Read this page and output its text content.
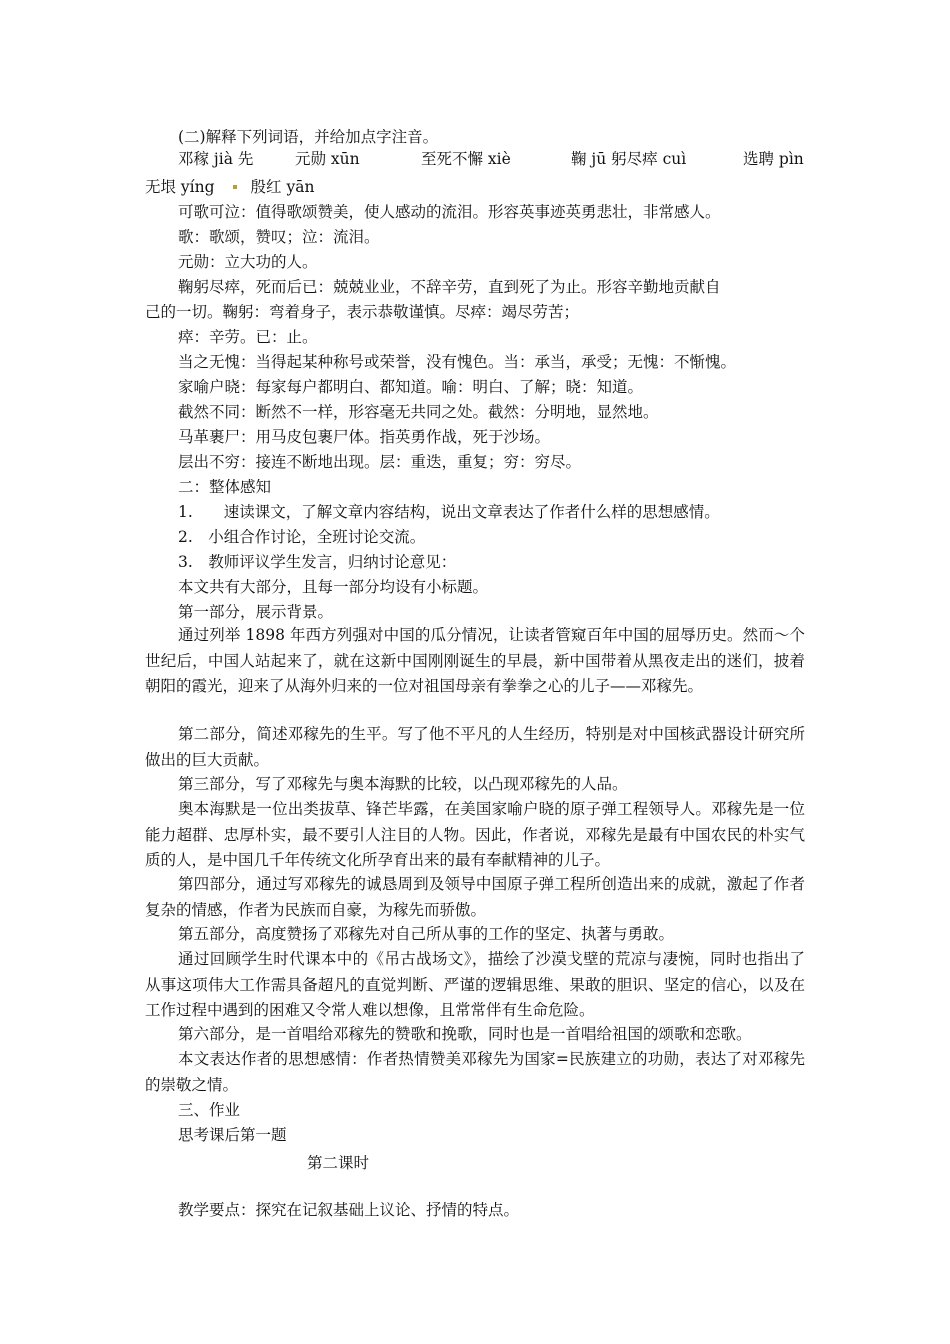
(二)解释下列词语，并给加点字注音。
邓稼 jià 先	元勋 xūn	至死不懈 xiè	鞠 jū 躬尽瘁 cuì	选聘 pìn
无垠 yíng 殷红 yān
可歌可泣：值得歌颂赞美，使人感动的流泪。形容英事迹英勇悲壮，非常感人。
歌：歌颂，赞叹；泣：流泪。
元勋：立大功的人。
鞠躬尽瘁，死而后已：兢兢业业，不辞辛劳，直到死了为止。形容辛勤地贡献自
己的一切。鞠躬：弯着身子，表示恭敬谨慎。尽瘁：竭尽劳苦；
瘁：辛劳。已：止。
当之无愧：当得起某种称号或荣誉，没有愧色。当：承当，承受；无愧：不惭愧。
家喻户晓：每家每户都明白、都知道。喻：明白、了解；晓：知道。
截然不同：断然不一样，形容毫无共同之处。截然：分明地，显然地。
马革裹尸：用马皮包裹尸体。指英勇作战，死于沙场。
层出不穷：接连不断地出现。层：重迭，重复；穷：穷尽。
二：整体感知
1.　　速读课文，了解文章内容结构，说出文章表达了作者什么样的思想感情。
2.　小组合作讨论，全班讨论交流。
3.　教师评议学生发言，归纳讨论意见：
本文共有大部分，且每一部分均设有小标题。
第一部分，展示背景。
通过列举 1898 年西方列强对中国的瓜分情况，让读者管窥百年中国的屈辱历史。然而～个世纪后，中国人站起来了，就在这新中国刚刚诞生的早晨，新中国带着从黑夜走出的迷们，披着朝阳的霞光，迎来了从海外归来的一位对祖国母亲有拳拳之心的儿子——邓稼先。
第二部分，简述邓稼先的生平。写了他不平凡的人生经历，特别是对中国核武器设计研究所做出的巨大贡献。
第三部分，写了邓稼先与奥本海默的比较，以凸现邓稼先的人品。
奥本海默是一位出类拔草、锋芒毕露，在美国家喻户晓的原子弹工程领导人。邓稼先是一位能力超群、忠厚朴实，最不要引人注目的人物。因此，作者说，邓稼先是最有中国农民的朴实气质的人，是中国几千年传统文化所孕育出来的最有奉献精神的儿子。
第四部分，通过写邓稼先的诚恳周到及领导中国原子弹工程所创造出来的成就，激起了作者复杂的情感，作者为民族而自豪，为稼先而骄傲。
第五部分，高度赞扬了邓稼先对自己所从事的工作的坚定、执著与勇敢。
通过回顾学生时代课本中的《吊古战场文》，描绘了沙漠戈壁的荒凉与凄惋，同时也指出了从事这项伟大工作需具备超凡的直觉判断、严谨的逻辑思维、果敢的胆识、坚定的信心，以及在工作过程中遇到的困难又令常人难以想像，且常常伴有生命危险。
第六部分，是一首唱给邓稼先的赞歌和挽歌，同时也是一首唱给祖国的颂歌和恋歌。
本文表达作者的思想感情：作者热情赞美邓稼先为国家=民族建立的功勋，表达了对邓稼先的崇敬之情。
三、作业
思考课后第一题
第二课时
教学要点：探究在记叙基础上议论、抒情的特点。
